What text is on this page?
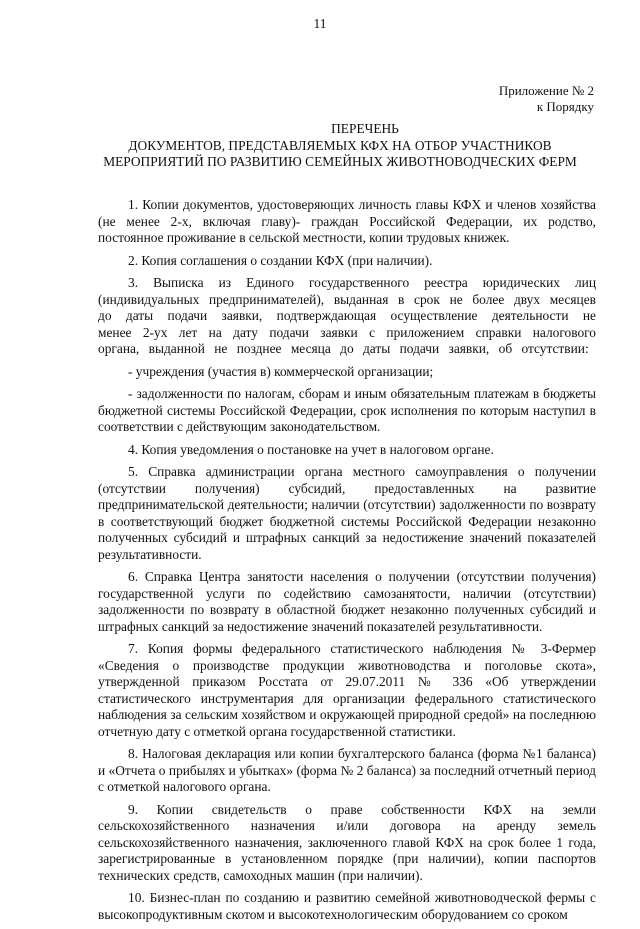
11
Приложение № 2
к Порядку
ПЕРЕЧЕНЬ
ДОКУМЕНТОВ, ПРЕДСТАВЛЯЕМЫХ КФХ НА ОТБОР УЧАСТНИКОВ
МЕРОПРИЯТИЙ ПО РАЗВИТИЮ СЕМЕЙНЫХ ЖИВОТНОВОДЧЕСКИХ ФЕРМ

1. Копии документов, удостоверяющих личность главы КФХ и членов хозяйства (не менее 2-х, включая главу)- граждан Российской Федерации, их родство, постоянное проживание в сельской местности, копии трудовых книжек.

2. Копия соглашения о создании КФХ (при наличии).

3. Выписка из Единого государственного реестра юридических лиц (индивидуальных предпринимателей), выданная в срок не более двух месяцев до даты подачи заявки, подтверждающая осуществление деятельности не менее 2-ух лет на дату подачи заявки с приложением справки налогового органа, выданной не позднее месяца до даты подачи заявки, об отсутствии:

- учреждения (участия в) коммерческой организации;

- задолженности по налогам, сборам и иным обязательным платежам в бюджеты бюджетной системы Российской Федерации, срок исполнения по которым наступил в соответствии с действующим законодательством.

4. Копия уведомления о постановке на учет в налоговом органе.

5. Справка администрации органа местного самоуправления о получении (отсутствии получения) субсидий, предоставленных на развитие предпринимательской деятельности; наличии (отсутствии) задолженности по возврату в соответствующий бюджет бюджетной системы Российской Федерации незаконно полученных субсидий и штрафных санкций за недостижение значений показателей результативности.

6. Справка Центра занятости населения о получении (отсутствии получения) государственной услуги по содействию самозанятости, наличии (отсутствии) задолженности по возврату в областной бюджет незаконно полученных субсидий и штрафных санкций за недостижение значений показателей результативности.

7. Копия формы федерального статистического наблюдения № 3-Фермер «Сведения о производстве продукции животноводства и поголовье скота», утвержденной приказом Росстата от 29.07.2011 № 336 «Об утверждении статистического инструментария для организации федерального статистического наблюдения за сельским хозяйством и окружающей природной средой» на последнюю отчетную дату с отметкой органа государственной статистики.

8. Налоговая декларация или копии бухгалтерского баланса (форма №1 баланса) и «Отчета о прибылях и убытках» (форма № 2 баланса) за последний отчетный период с отметкой налогового органа.

9. Копии свидетельств о праве собственности КФХ на земли сельскохозяйственного назначения и/или договора на аренду земель сельскохозяйственного назначения, заключенного главой КФХ на срок более 1 года, зарегистрированные в установленном порядке (при наличии), копии паспортов технических средств, самоходных машин (при наличии).

10. Бизнес-план по созданию и развитию семейной животноводческой фермы с высокопродуктивным скотом и высокотехнологическим оборудованием со сроком
